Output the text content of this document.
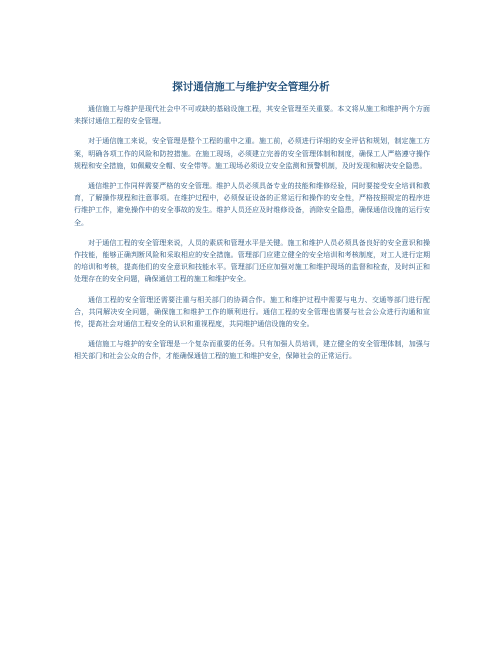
探讨通信施工与维护安全管理分析

通信施工与维护是现代社会中不可或缺的基础设施工程，其安全管理至关重要。本文将从施工和维护两个方面来探讨通信工程的安全管理。

对于通信施工来说，安全管理是整个工程的重中之重。施工前，必须进行详细的安全评估和规划，制定施工方案，明确各项工作的风险和防控措施。在施工现场，必须建立完善的安全管理体制和制度，确保工人严格遵守操作规程和安全措施，如佩戴安全帽、安全带等。施工现场必须设立安全监测和预警机制，及时发现和解决安全隐患。

通信维护工作同样需要严格的安全管理。维护人员必须具备专业的技能和维修经验，同时要接受安全培训和教育，了解操作规程和注意事项。在维护过程中，必须保证设备的正常运行和操作的安全性，严格按照规定的程序进行维护工作，避免操作中的安全事故的发生。维护人员还应及时维修设备，消除安全隐患，确保通信设施的运行安全。

对于通信工程的安全管理来说，人员的素质和管理水平是关键。施工和维护人员必须具备良好的安全意识和操作技能，能够正确判断风险和采取相应的安全措施。管理部门应建立健全的安全培训和考核制度，对工人进行定期的培训和考核，提高他们的安全意识和技能水平。管理部门还应加强对施工和维护现场的监督和检查，及时纠正和处理存在的安全问题，确保通信工程的施工和维护安全。

通信工程的安全管理还需要注重与相关部门的协调合作。施工和维护过程中需要与电力、交通等部门进行配合，共同解决安全问题，确保施工和维护工作的顺利进行。通信工程的安全管理也需要与社会公众进行沟通和宣传，提高社会对通信工程安全的认识和重视程度，共同维护通信设施的安全。

通信施工与维护的安全管理是一个复杂而重要的任务。只有加强人员培训，建立健全的安全管理体制，加强与相关部门和社会公众的合作，才能确保通信工程的施工和维护安全，保障社会的正常运行。
